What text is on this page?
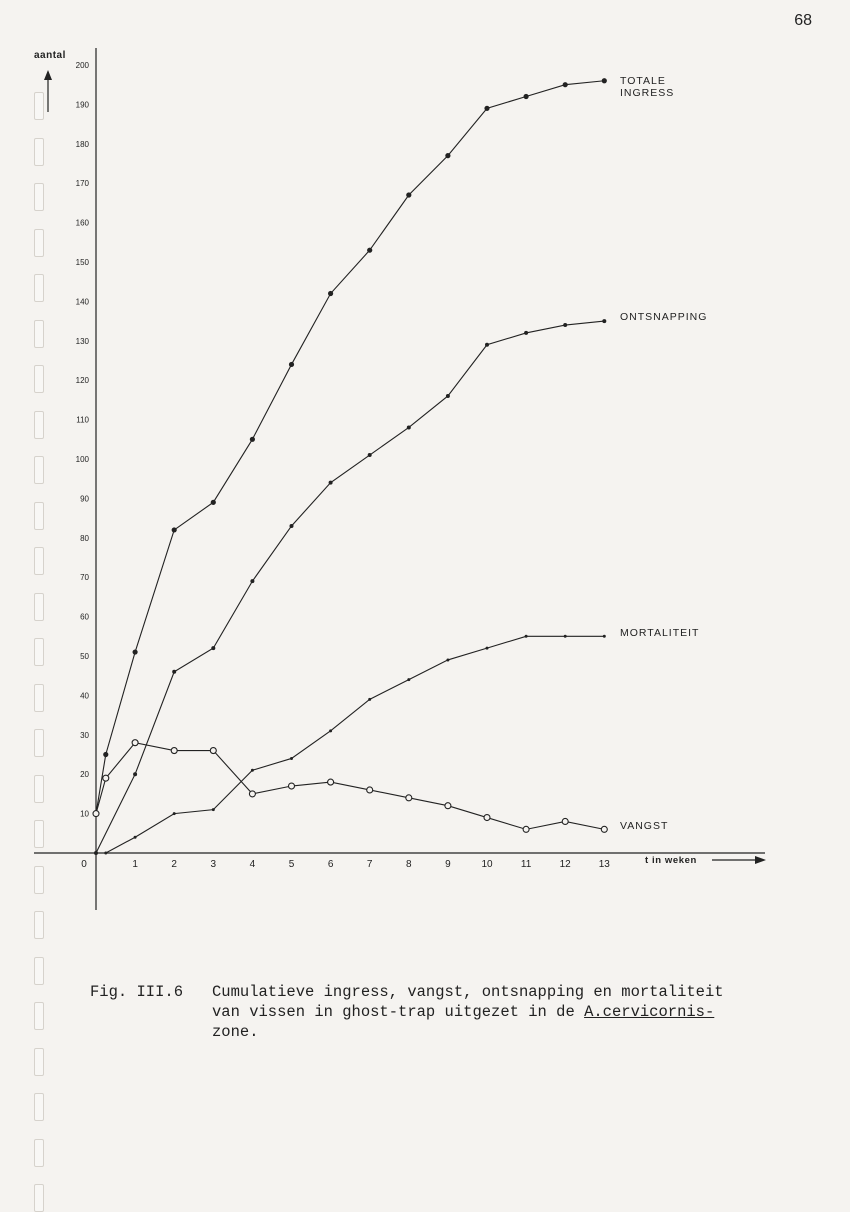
68
aantal
t in weken
10
20
30
40
50
60
70
80
90
100
110
120
130
140
150
160
170
180
190
200
0	1	2	3	4	5	6	7	8	9	10	11	12	13
TOTALE
INGRESS
ONTSNAPPING
MORTALITEIT
VANGST
Fig. III.6 Cumulatieve ingress, vangst, ontsnapping en mortaliteit
van vissen in ghost-trap uitgezet in de A.cervicornis-
zone.
